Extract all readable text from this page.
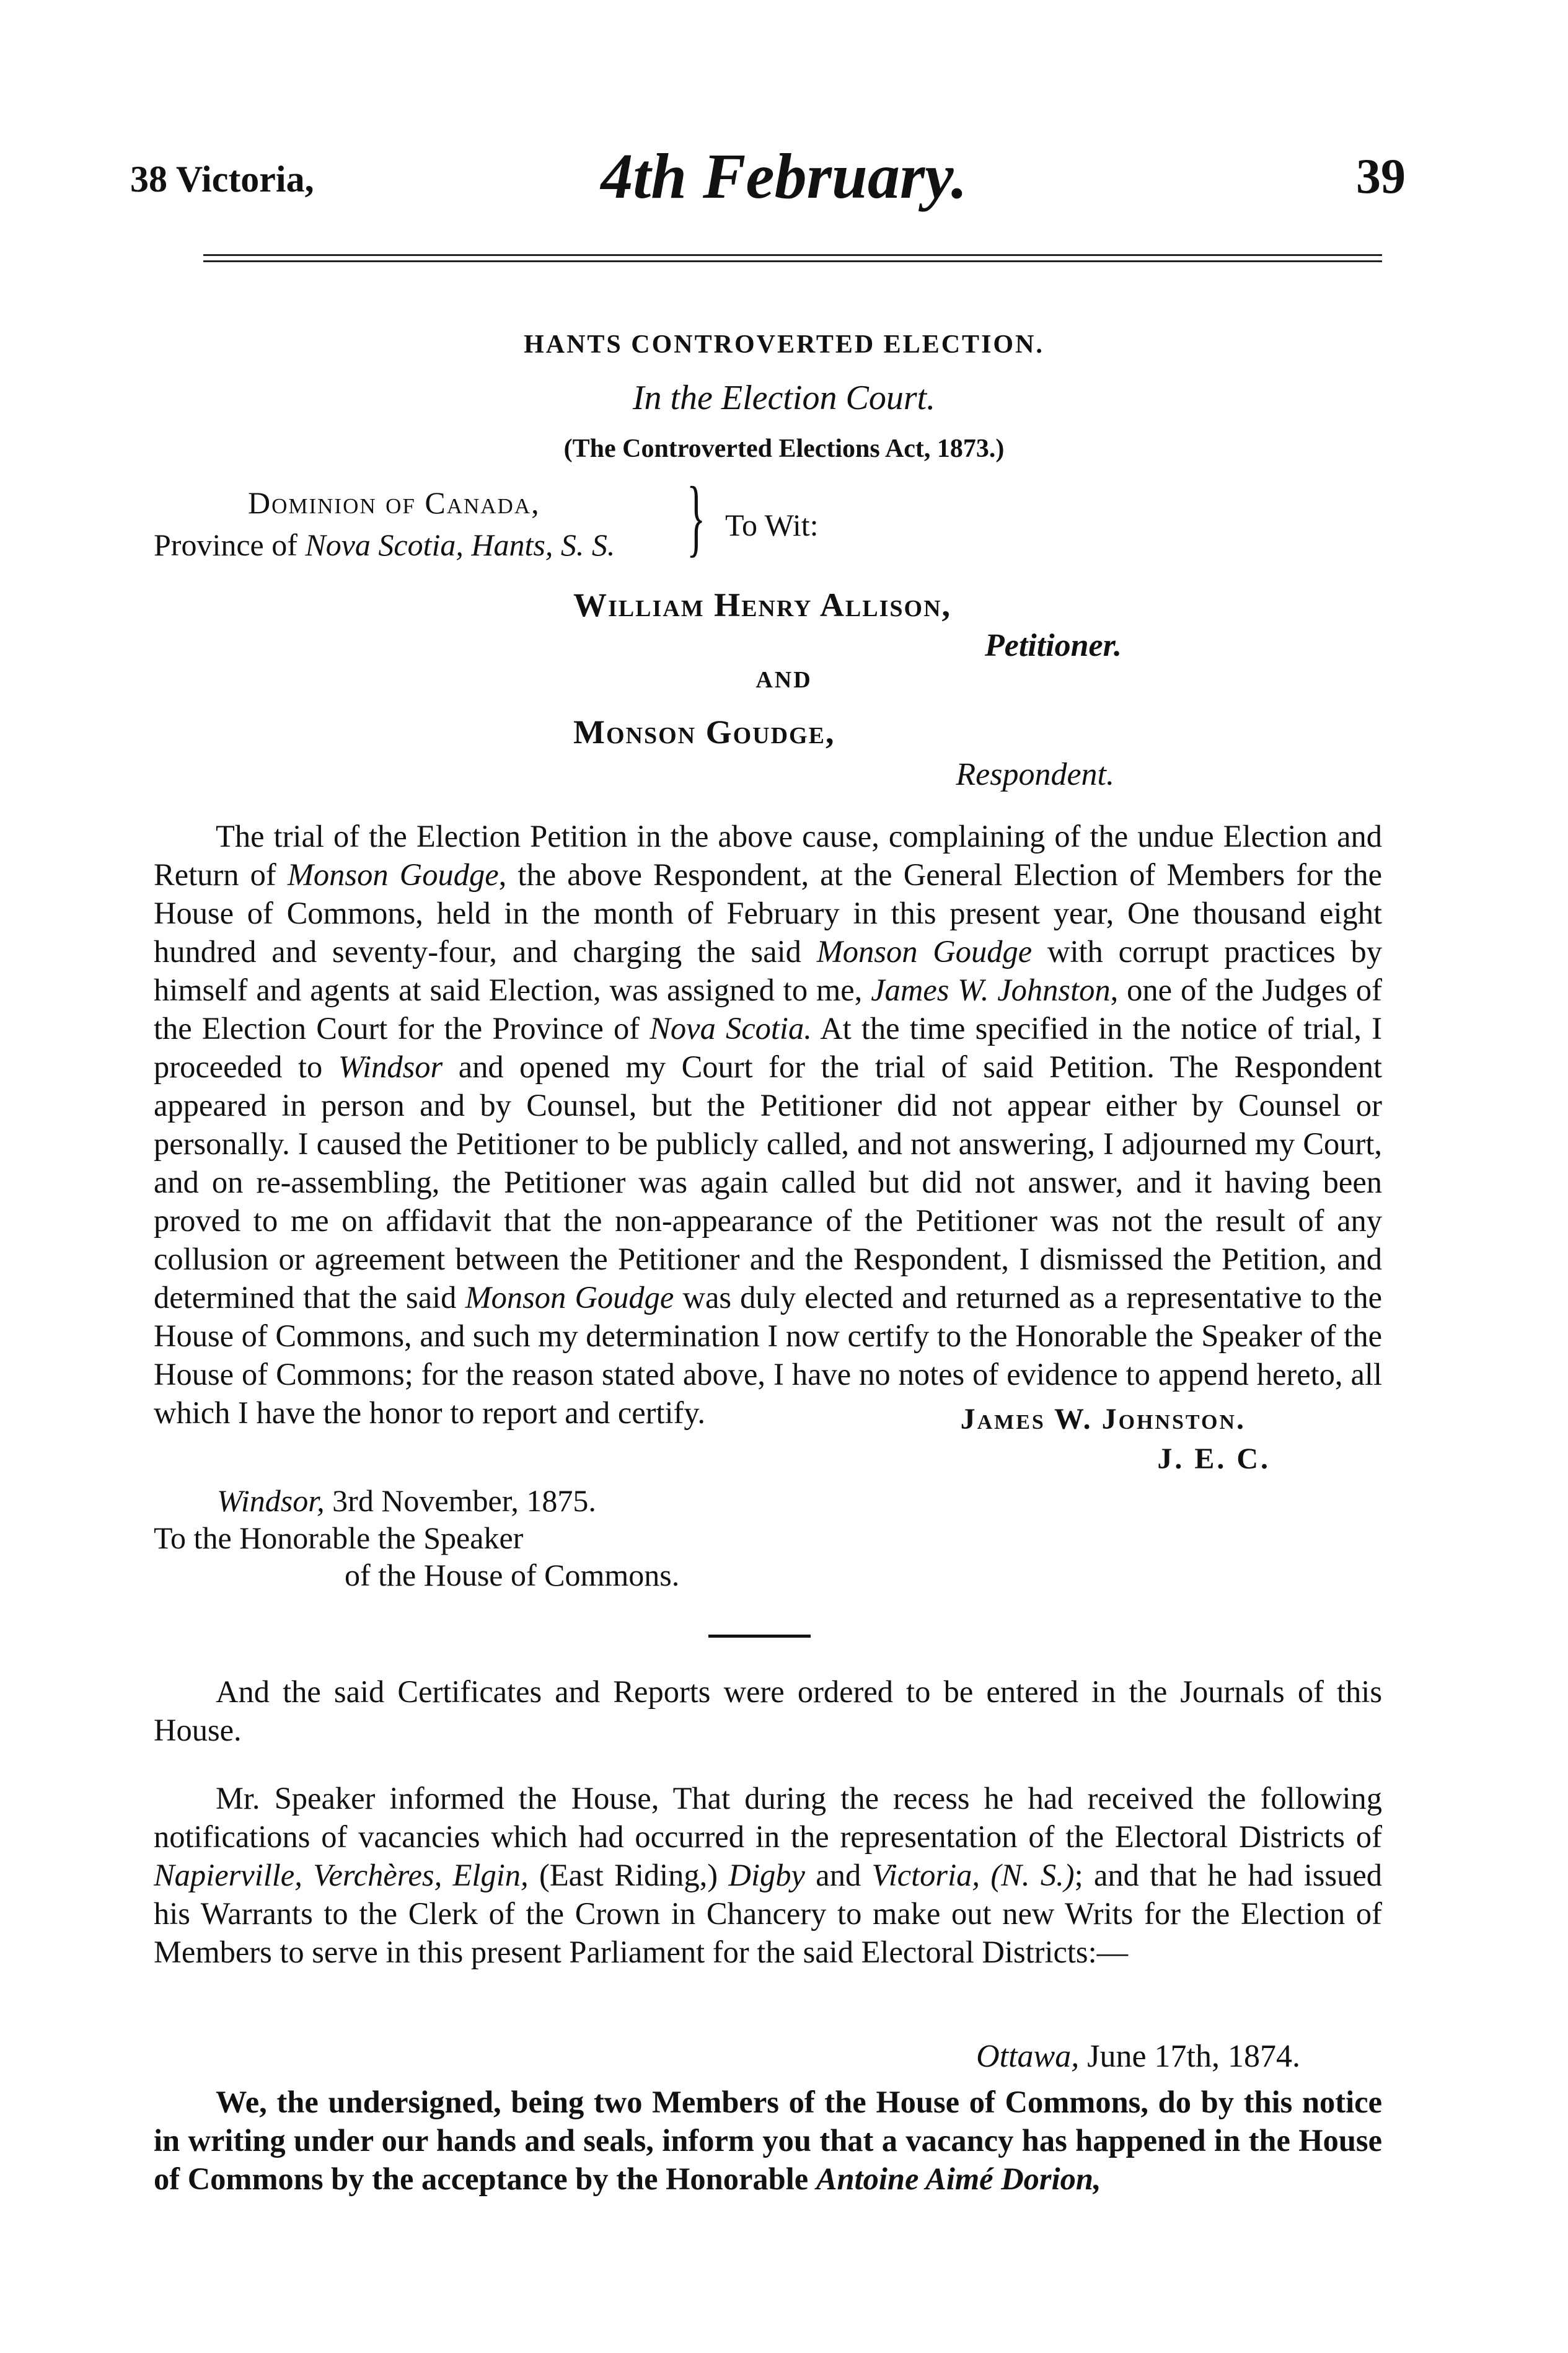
38 Victoria,	4th February.	39
HANTS CONTROVERTED ELECTION.
In the Election Court.
(The Controverted Elections Act, 1873.)
Dominion of Canada,
Province of Nova Scotia, Hants, S. S. } To Wit:
William Henry Allison,
Petitioner.
AND
Monson Goudge,
Respondent.
The trial of the Election Petition in the above cause, complaining of the undue Election and Return of Monson Goudge, the above Respondent, at the General Election of Members for the House of Commons, held in the month of February in this present year, One thousand eight hundred and seventy-four, and charging the said Monson Goudge with corrupt practices by himself and agents at said Election, was assigned to me, James W. Johnston, one of the Judges of the Election Court for the Province of Nova Scotia. At the time specified in the notice of trial, I proceeded to Windsor and opened my Court for the trial of said Petition. The Respondent appeared in person and by Counsel, but the Petitioner did not appear either by Counsel or personally. I caused the Petitioner to be publicly called, and not answering, I adjourned my Court, and on re-assembling, the Petitioner was again called but did not answer, and it having been proved to me on affidavit that the non-appearance of the Petitioner was not the result of any collusion or agreement between the Petitioner and the Respondent, I dismissed the Petition, and determined that the said Monson Goudge was duly elected and returned as a representative to the House of Commons, and such my determination I now certify to the Honorable the Speaker of the House of Commons; for the reason stated above, I have no notes of evidence to append hereto, all which I have the honor to report and certify.	James W. Johnston.
J. E. C.
Windsor, 3rd November, 1875.
To the Honorable the Speaker
of the House of Commons.
And the said Certificates and Reports were ordered to be entered in the Journals of this House.
Mr. Speaker informed the House, That during the recess he had received the following notifications of vacancies which had occurred in the representation of the Electoral Districts of Napierville, Verchères, Elgin, (East Riding,) Digby and Victoria, (N. S.); and that he had issued his Warrants to the Clerk of the Crown in Chancery to make out new Writs for the Election of Members to serve in this present Parliament for the said Electoral Districts:—
Ottawa, June 17th, 1874.
We, the undersigned, being two Members of the House of Commons, do by this notice in writing under our hands and seals, inform you that a vacancy has happened in the House of Commons by the acceptance by the Honorable Antoine Aimé Dorion,
